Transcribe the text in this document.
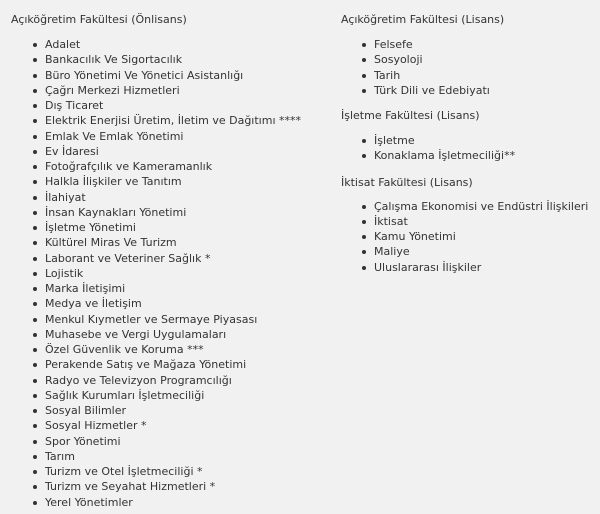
Açıköğretim Fakültesi (Önlisans)
Adalet
Bankacılık Ve Sigortacılık
Büro Yönetimi Ve Yönetici Asistanlığı
Çağrı Merkezi Hizmetleri
Dış Ticaret
Elektrik Enerjisi Üretim, İletim ve Dağıtımı ****
Emlak Ve Emlak Yönetimi
Ev İdaresi
Fotoğrafçılık ve Kameramanlık
Halkla İlişkiler ve Tanıtım
İlahiyat
İnsan Kaynakları Yönetimi
İşletme Yönetimi
Kültürel Miras Ve Turizm
Laborant ve Veteriner Sağlık *
Lojistik
Marka İletişimi
Medya ve İletişim
Menkul Kıymetler ve Sermaye Piyasası
Muhasebe ve Vergi Uygulamaları
Özel Güvenlik ve Koruma ***
Perakende Satış ve Mağaza Yönetimi
Radyo ve Televizyon Programcılığı
Sağlık Kurumları İşletmeciliği
Sosyal Bilimler
Sosyal Hizmetler *
Spor Yönetimi
Tarım
Turizm ve Otel İşletmeciliği *
Turizm ve Seyahat Hizmetleri *
Yerel Yönetimler
Açıköğretim Fakültesi (Lisans)
Felsefe
Sosyoloji
Tarih
Türk Dili ve Edebiyatı
İşletme Fakültesi (Lisans)
İşletme
Konaklama İşletmeciliği**
İktisat Fakültesi (Lisans)
Çalışma Ekonomisi ve Endüstri İlişkileri
İktisat
Kamu Yönetimi
Maliye
Uluslararası İlişkiler
